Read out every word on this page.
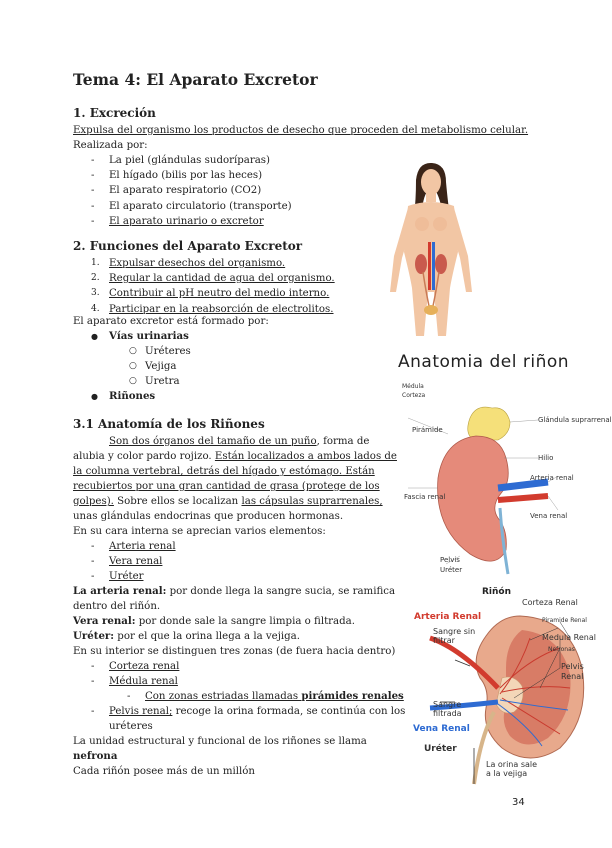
Tema 4: El Aparato Excretor
1. Excreción
Expulsa del organismo los productos de desecho que proceden del metabolismo celular.
Realizada por:
- La piel (glándulas sudoríparas)
- El hígado (bilis por las heces)
- El aparato respiratorio (CO2)
- El aparato circulatorio (transporte)
- El aparato urinario o excretor
2. Funciones del Aparato Excretor
1. Expulsar desechos del organismo.
2. Regular la cantidad de agua del organismo.
3. Contribuir al pH neutro del medio interno.
4. Participar en la reabsorción de electrolitos.
El aparato excretor está formado por:
● Vías urinarias
○ Uréteres
○ Vejiga
○ Uretra
● Riñones
3.1 Anatomía de los Riñones
Son dos órganos del tamaño de un puño, forma de
alubia y color pardo rojizo. Están localizados a ambos lados de
la columna vertebral, detrás del hígado y estómago. Están
recubiertos por una gran cantidad de grasa (protege de los
golpes). Sobre ellos se localizan las cápsulas suprarrenales,
unas glándulas endocrinas que producen hormonas.
En su cara interna se aprecian varios elementos:
- Arteria renal
- Vera renal
- Uréter
La arteria renal: por donde llega la sangre sucia, se ramifica
dentro del riñón.
Vera renal: por donde sale la sangre limpia o filtrada.
Uréter: por el que la orina llega a la vejiga.
En su interior se distinguen tres zonas (de fuera hacia dentro)
- Corteza renal
- Médula renal
- Con zonas estriadas llamadas pirámides renales
- Pelvis renal; recoge la orina formada, se continúa con los
uréteres
La unidad estructural y funcional de los riñones se llama
nefrona
Cada riñón posee más de un millón
Anatomia del riñon
Médula
Corteza
Glándula suprarrenal
Hilio
Arteria renal
Vena renal
Fascia renal
Pirámide
Pelvis
Uréter
Riñón
Arteria Renal
Sangre sin filtrar
Sangre filtrada
Vena Renal
Uréter
Corteza Renal
Piramide Renal
Medula Renal
Nefronas
Pelvis Renal
La orina sale a la vejiga
34
